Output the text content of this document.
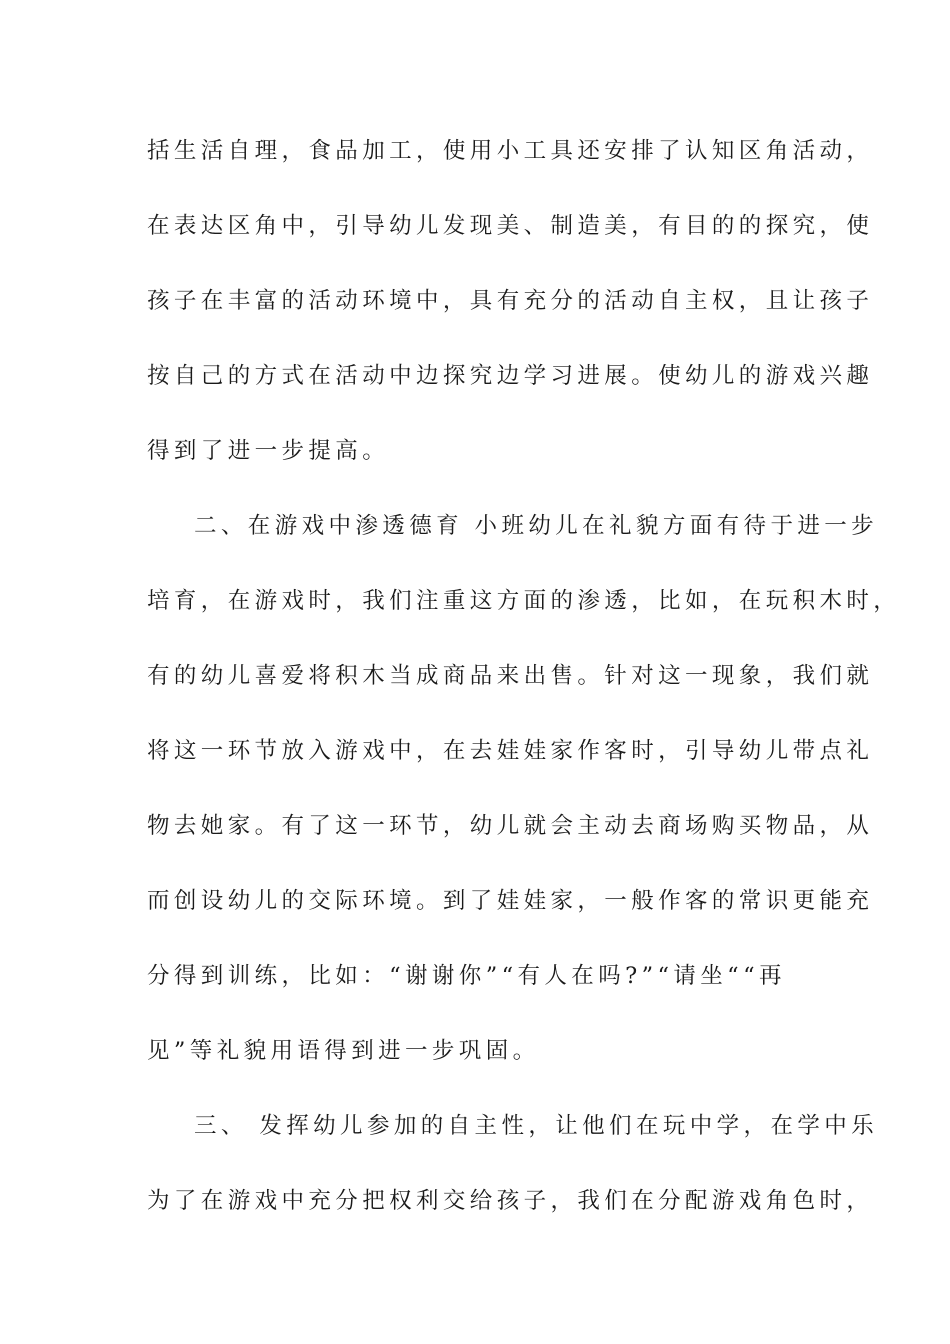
括生活自理，食品加工，使用小工具还安排了认知区角活动，
在表达区角中，引导幼儿发现美、制造美，有目的的探究，使
孩子在丰富的活动环境中，具有充分的活动自主权，且让孩子
按自己的方式在活动中边探究边学习进展。使幼儿的游戏兴趣
得到了进一步提高。
二、在游戏中渗透德育 小班幼儿在礼貌方面有待于进一步
培育，在游戏时，我们注重这方面的渗透，比如，在玩积木时，
有的幼儿喜爱将积木当成商品来出售。针对这一现象，我们就
将这一环节放入游戏中，在去娃娃家作客时，引导幼儿带点礼
物去她家。有了这一环节，幼儿就会主动去商场购买物品，从
而创设幼儿的交际环境。到了娃娃家，一般作客的常识更能充
分得到训练，比如：“谢谢你”“有人在吗?”“请坐““再
见”等礼貌用语得到进一步巩固。
三、 发挥幼儿参加的自主性，让他们在玩中学，在学中乐
为了在游戏中充分把权利交给孩子，我们在分配游戏角色时，
